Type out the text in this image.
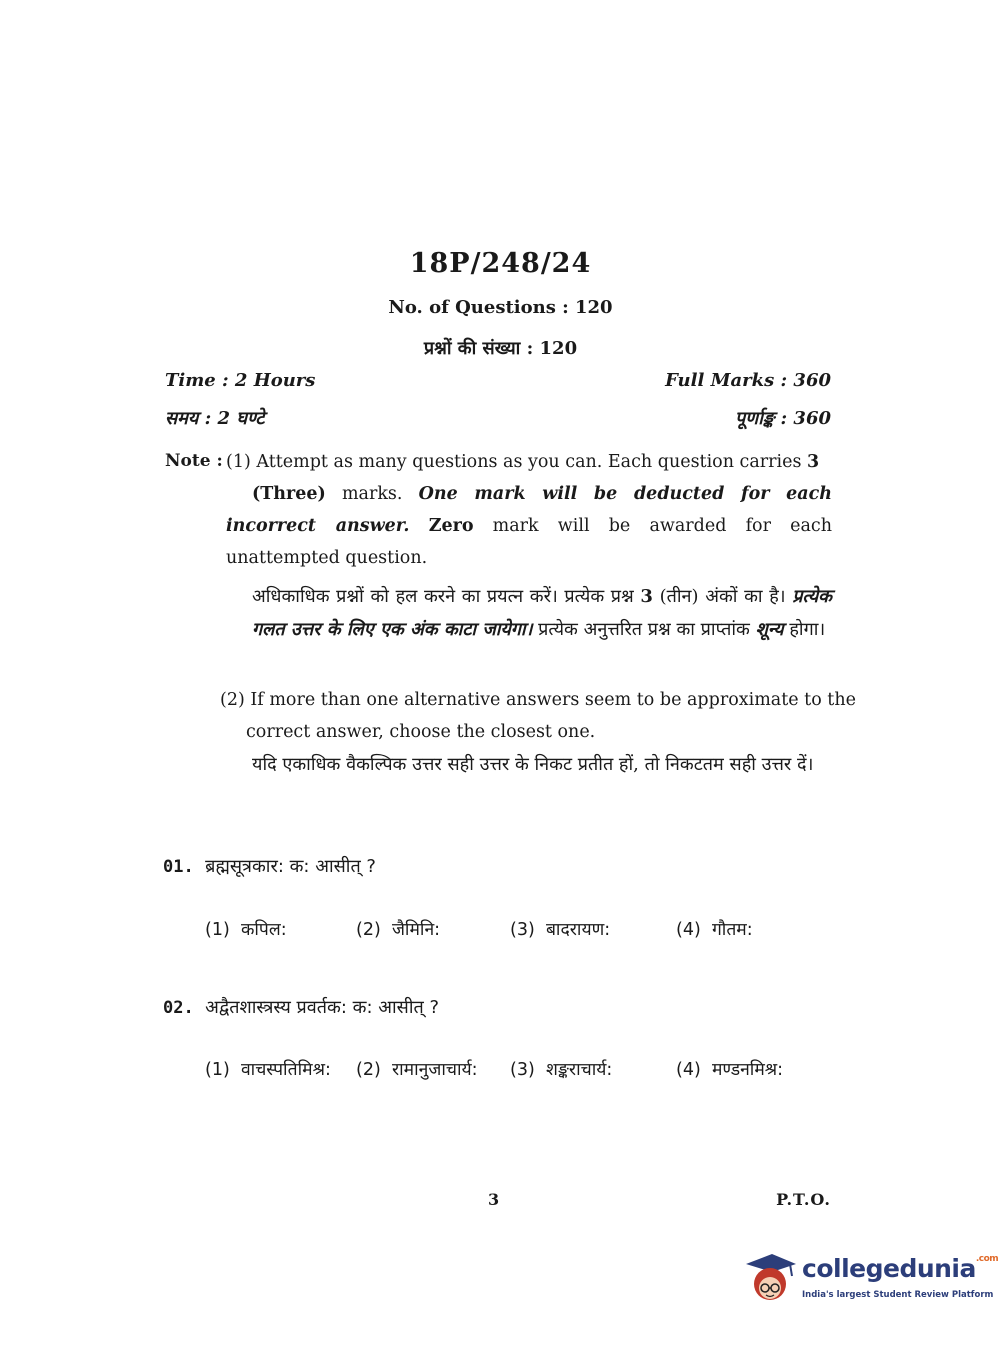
18P/248/24
No. of Questions : 120
प्रश्नों की संख्या : 120
Time : 2 Hours
समय : 2 घण्टे
Full Marks : 360
पूर्णाङ्क : 360
Note : (1) Attempt as many questions as you can. Each question carries 3
(Three) marks. One mark will be deducted for each incorrect answer. Zero mark will be awarded for each unattempted question.
अधिकाधिक प्रश्नों को हल करने का प्रयत्न करें। प्रत्येक प्रश्न 3 (तीन) अंकों का है। प्रत्येक गलत उत्तर के लिए एक अंक काटा जायेगा। प्रत्येक अनुत्तरित प्रश्न का प्राप्तांक शून्य होगा।
(2) If more than one alternative answers seem to be approximate to the correct answer, choose the closest one.
यदि एकाधिक वैकल्पिक उत्तर सही उत्तर के निकट प्रतीत हों, तो निकटतम सही उत्तर दें।
01. ब्रह्मसूत्रकार: क: आसीत् ?
(1) कपिल:	(2) जैमिनि:	(3) बादरायण:	(4) गौतम:
02. अद्वैतशास्त्रस्य प्रवर्तक: क: आसीत् ?
(1) वाचस्पतिमिश्र: (2) रामानुजाचार्य: (3) शङ्कराचार्य:	(4) मण्डनमिश्र:
3	P.T.O.
collegedunia$^{.com}$
India's largest Student Review Platform
